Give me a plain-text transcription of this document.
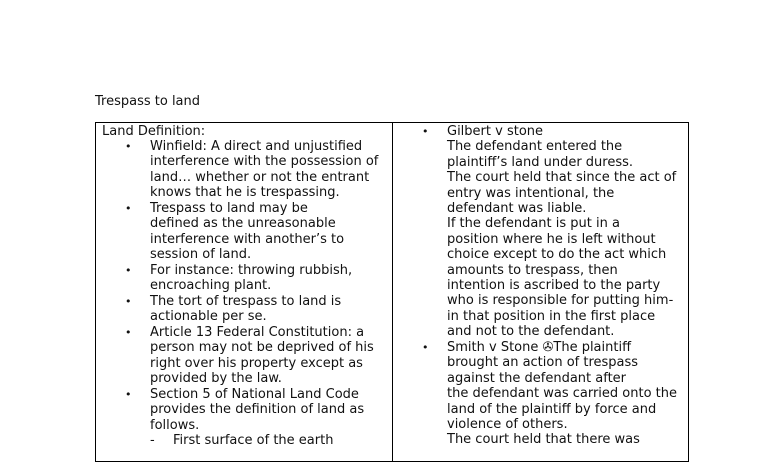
Trespass to land
Land Definition:
• Winfield: A direct and unjustified
interference with the possession of
land… whether or not the entrant
knows that he is trespassing.
• Trespass to land may be
defined as the unreasonable
interference with another’s to
session of land.
• For instance: throwing rubbish,
encroaching plant.
• The tort of trespass to land is
actionable per se.
• Article 13 Federal Constitution: a
person may not be deprived of his
right over his property except as
provided by the law.
• Section 5 of National Land Code
provides the definition of land as
follows.
- First surface of the earth
• Gilbert v stone
The defendant entered the
plaintiff’s land under duress.
The court held that since the act of
entry was intentional, the
defendant was liable.
If the defendant is put in a
position where he is left without
choice except to do the act which
amounts to trespass, then
intention is ascribed to the party
who is responsible for putting him-
in that position in the first place
and not to the defendant.
• Smith v Stone ✇The plaintiff
brought an action of trespass
against the defendant after
the defendant was carried onto the
land of the plaintiff by force and
violence of others.
The court held that there was
